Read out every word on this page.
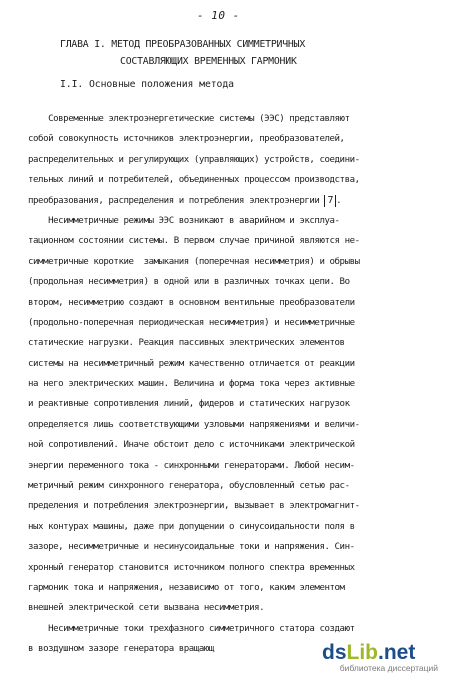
- 10 -
ГЛАВА I. МЕТОД ПРЕОБРАЗОВАННЫХ СИММЕТРИЧНЫХ
СОСТАВЛЯЮЩИХ ВРЕМЕННЫХ ГАРМОНИК
I.I. Основные положения метода
Современные электроэнергетические системы (ЭЭС) представляют
собой совокупность источников электроэнергии, преобразователей,
распределительных и регулирующих (управляющих) устройств, соедини-
тельных линий и потребителей, объединенных процессом производства,
преобразования, распределения и потребления электроэнергии 7 .
Несимметричные режимы ЭЭС возникают в аварийном и эксплуа-
тационном состоянии системы. В первом случае причиной являются не-
симметричные короткие  замыкания (поперечная несимметрия) и обрывы
(продольная несимметрия) в одной или в различных точках цепи. Во
втором, несимметрию создают в основном вентильные преобразователи
(продольно-поперечная периодическая несимметрия) и несимметричные
статические нагрузки. Реакция пассивных электрических элементов
системы на несимметричный режим качественно отличается от реакции
на него электрических машин. Величина и форма тока через активные
и реактивные сопротивления линий, фидеров и статических нагрузок
определяется лишь соответствующими узловыми напряжениями и величи-
ной сопротивлений. Иначе обстоит дело с источниками электрической
энергии переменного тока - синхронными генераторами. Любой несим-
метричный режим синхронного генератора, обусловленный сетью рас-
пределения и потребления электроэнергии, вызывает в электромагнит-
ных контурах машины, даже при допущении о синусоидальности поля в
зазоре, несимметричные и несинусоидальные токи и напряжения. Син-
хронный генератор становится источником полного спектра временных
гармоник тока и напряжения, независимо от того, каким элементом
внешней электрической сети вызвана несимметрия.
Несимметричные токи трехфазного симметричного статора создают
в воздушном зазоре генератора вращающ	dsLib.net
библиотека диссертаций
